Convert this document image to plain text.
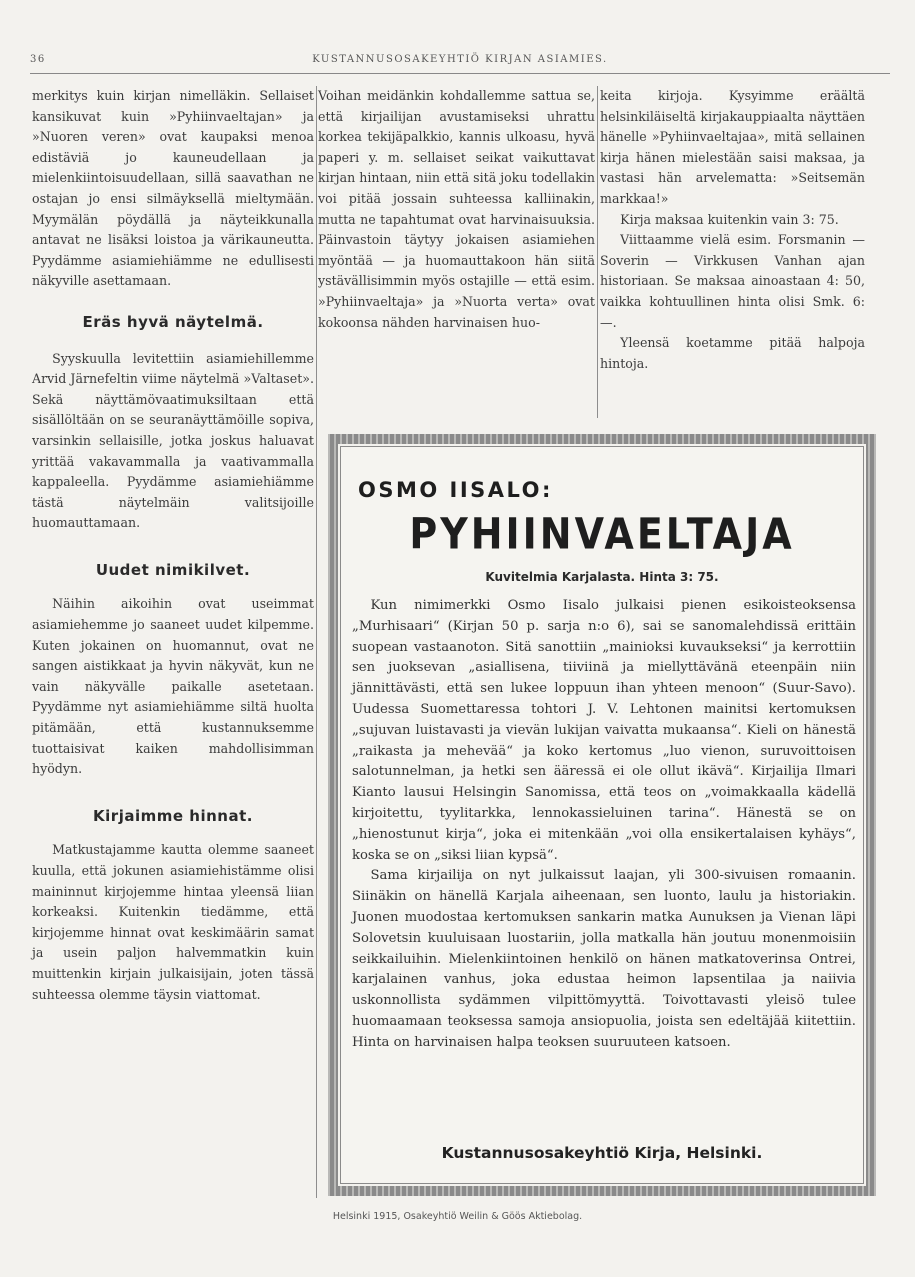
36	KUSTANNUSOSAKEYHTIÖ KIRJAN ASIAMIES.

merkitys kuin kirjan nimelläkin. Sellaiset kansikuvat kuin »Pyhiinvaeltajan» ja »Nuoren veren» ovat kaupaksi menoa edistäviä jo kauneudellaan ja mielenkiintoisuudellaan, sillä saavathan ne ostajan jo ensi silmäyksellä mieltymään. Myymälän pöydällä ja näyteikkunalla antavat ne lisäksi loistoa ja värikauneutta. Pyydämme asiamiehiämme ne edullisesti näkyville asettamaan.

Eräs hyvä näytelmä.

Syyskuulla levitettiin asiamiehillemme Arvid Järnefeltin viime näytelmä »Valtaset». Sekä näyttämövaatimuksiltaan että sisällöltään on se seuranäyttämöille sopiva, varsinkin sellaisille, jotka joskus haluavat yrittää vakavammalla ja vaativammalla kappaleella. Pyydämme asiamiehiämme tästä näytelmäin valitsijoille huomauttamaan.

Uudet nimikilvet.

Näihin aikoihin ovat useimmat asiamiehemme jo saaneet uudet kilpemme. Kuten jokainen on huomannut, ovat ne sangen aistikkaat ja hyvin näkyvät, kun ne vain näkyvälle paikalle asetetaan. Pyydämme nyt asiamiehiämme siltä huolta pitämään, että kustannuksemme tuottaisivat kaiken mahdollisimman hyödyn.

Kirjaimme hinnat.

Matkustajamme kautta olemme saaneet kuulla, että jokunen asiamiehistämme olisi maininnut kirjojemme hintaa yleensä liian korkeaksi. Kuitenkin tiedämme, että kirjojemme hinnat ovat keskimäärin samat ja usein paljon halvemmatkin kuin muittenkin kirjain julkaisijain, joten tässä suhteessa olemme täysin viattomat.

Voihan meidänkin kohdallemme sattua se, että kirjailijan avustamiseksi uhrattu korkea tekijäpalkkio, kannis ulkoasu, hyvä paperi y. m. sellaiset seikat vaikuttavat kirjan hintaan, niin että sitä joku todellakin voi pitää jossain suhteessa kalliinakin, mutta ne tapahtumat ovat harvinaisuuksia. Päinvastoin täytyy jokaisen asiamiehen myöntää — ja huomauttakoon hän siitä ystävällisimmin myös ostajille — että esim. »Pyhiinvaeltaja» ja »Nuorta verta» ovat kokoonsa nähden harvinaisen huo-

keita kirjoja. Kysyimme eräältä helsinkiläiseltä kirjakauppiaalta näyttäen hänelle »Pyhiinvaeltajaa», mitä sellainen kirja hänen mielestään saisi maksaa, ja vastasi hän arvelematta: »Seitsemän markkaa!»

Kirja maksaa kuitenkin vain 3: 75.

Viittaamme vielä esim. Forsmanin — Soverin — Virkkusen Vanhan ajan historiaan. Se maksaa ainoastaan 4: 50, vaikka kohtuullinen hinta olisi Smk. 6: —.

Yleensä koetamme pitää halpoja hintoja.

OSMO IISALO:
PYHIINVAELTAJA
Kuvitelmia Karjalasta. Hinta 3: 75.

Kun nimimerkki Osmo Iisalo julkaisi pienen esikoisteoksensa „Murhisaari“ (Kirjan 50 p. sarja n:o 6), sai se sanomalehdissä erittäin suopean vastaanoton. Sitä sanottiin „mainioksi kuvaukseksi“ ja kerrottiin sen juoksevan „asiallisena, tiiviinä ja miellyttävänä eteenpäin niin jännittävästi, että sen lukee loppuun ihan yhteen menoon“ (Suur-Savo). Uudessa Suomettaressa tohtori J. V. Lehtonen mainitsi kertomuksen „sujuvan luistavasti ja vievän lukijan vaivatta mukaansa“. Kieli on hänestä „raikasta ja mehevää“ ja koko kertomus „luo vienon, suruvoittoisen salotunnelman, ja hetki sen ääressä ei ole ollut ikävä“. Kirjailija Ilmari Kianto lausui Helsingin Sanomissa, että teos on „voimakkaalla kädellä kirjoitettu, tyylitarkka, lennokassieluinen tarina“. Hänestä se on „hienostunut kirja“, joka ei mitenkään „voi olla ensikertalaisen kyhäys“, koska se on „siksi liian kypsä“.

Sama kirjailija on nyt julkaissut laajan, yli 300-sivuisen romaanin. Siinäkin on hänellä Karjala aiheenaan, sen luonto, laulu ja historiakin. Juonen muodostaa kertomuksen sankarin matka Aunuksen ja Vienan läpi Solovetsin kuuluisaan luostariin, jolla matkalla hän joutuu monenmoisiin seikkailuihin. Mielenkiintoinen henkilö on hänen matkatoverinsa Ontrei, karjalainen vanhus, joka edustaa heimon lapsentilaa ja naiivia uskonnollista sydämmen vilpittömyyttä. Toivottavasti yleisö tulee huomaamaan teoksessa samoja ansiopuolia, joista sen edeltäjää kiitettiin. Hinta on harvinaisen halpa teoksen suuruuteen katsoen.

Kustannusosakeyhtiö Kirja, Helsinki.
Helsinki 1915, Osakeyhtiö Weilin & Göös Aktiebolag.
